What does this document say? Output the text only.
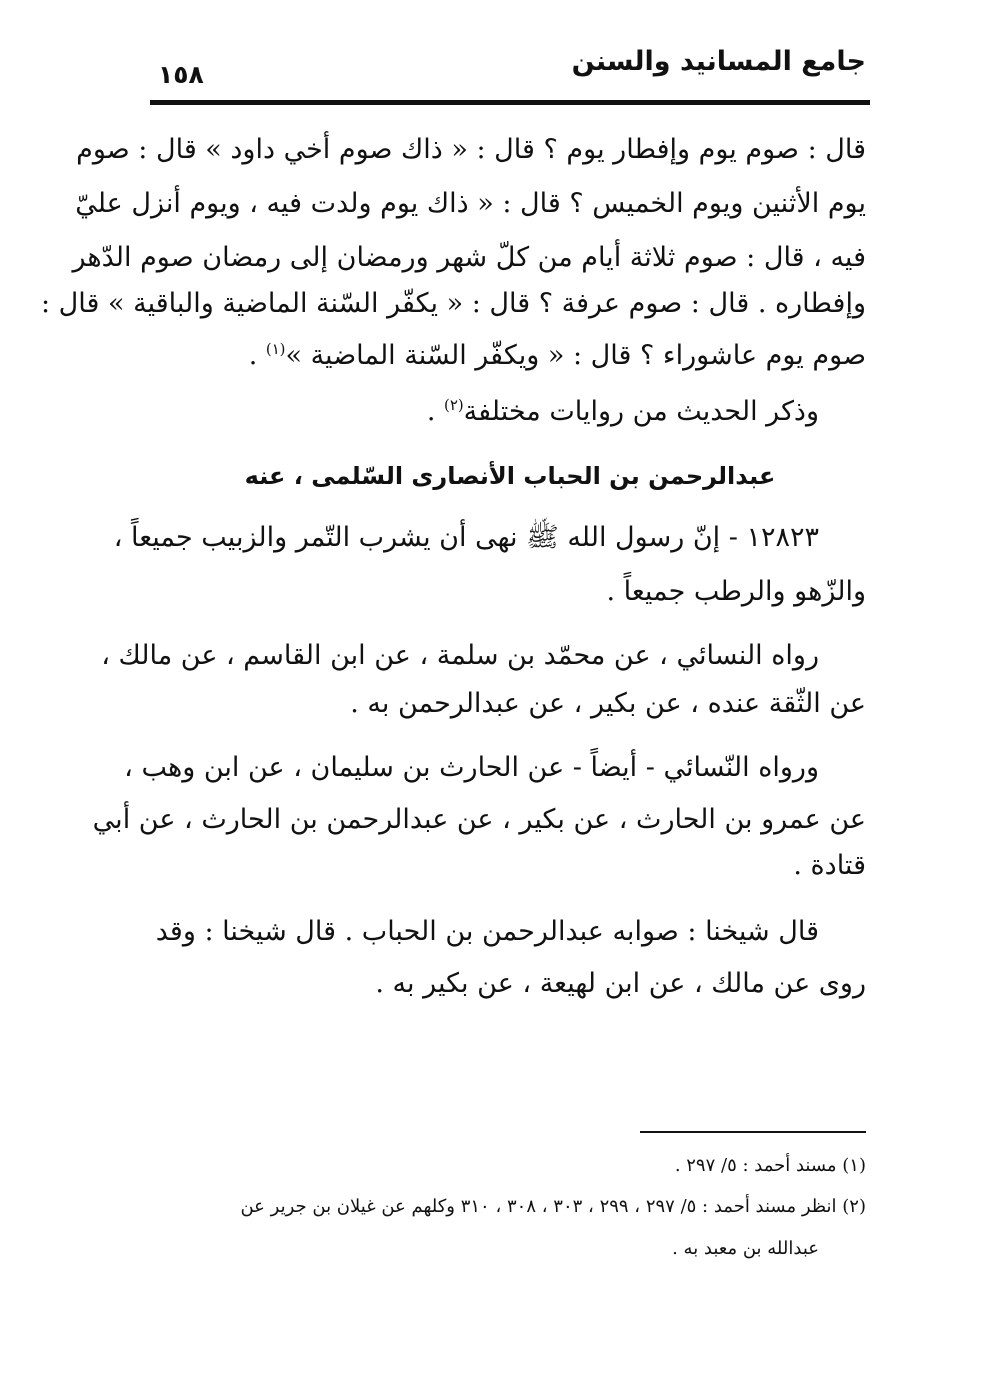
جامع المسانيد والسنن
١٥٨
قال : صوم يوم وإفطار يوم ؟ قال : « ذاك صوم أخي داود » قال : صوم
يوم الأثنين ويوم الخميس ؟ قال : « ذاك يوم ولدت فيه ، ويوم أنزل عليّ
فيه ، قال : صوم ثلاثة أيام من كلّ شهر ورمضان إلى رمضان صوم الدّهر
وإفطاره . قال : صوم عرفة ؟ قال : « يكفّر السّنة الماضية والباقية » قال :
صوم يوم عاشوراء ؟ قال : « ويكفّر السّنة الماضية »$^{(١)}$ .
وذكر الحديث من روايات مختلفة$^{(٢)}$ .
عبدالرحمن بن الحباب الأنصارى السّلمى ، عنه
١٢٨٢٣ - إنّ رسول الله ﷺ نهى أن يشرب التّمر والزبيب جميعاً ،
والزّهو والرطب جميعاً .
رواه النسائي ، عن محمّد بن سلمة ، عن ابن القاسم ، عن مالك ،
عن الثّقة عنده ، عن بكير ، عن عبدالرحمن به .
ورواه النّسائي - أيضاً - عن الحارث بن سليمان ، عن ابن وهب ،
عن عمرو بن الحارث ، عن بكير ، عن عبدالرحمن بن الحارث ، عن أبي
قتادة .
قال شيخنا : صوابه عبدالرحمن بن الحباب . قال شيخنا : وقد
روى عن مالك ، عن ابن لهيعة ، عن بكير به .
(١) مسند أحمد : ٥/ ٢٩٧ .
(٢) انظر مسند أحمد : ٥/ ٢٩٧ ، ٢٩٩ ، ٣٠٣ ، ٣٠٨ ، ٣١٠ وكلهم عن غيلان بن جرير عن
عبدالله بن معبد به .
